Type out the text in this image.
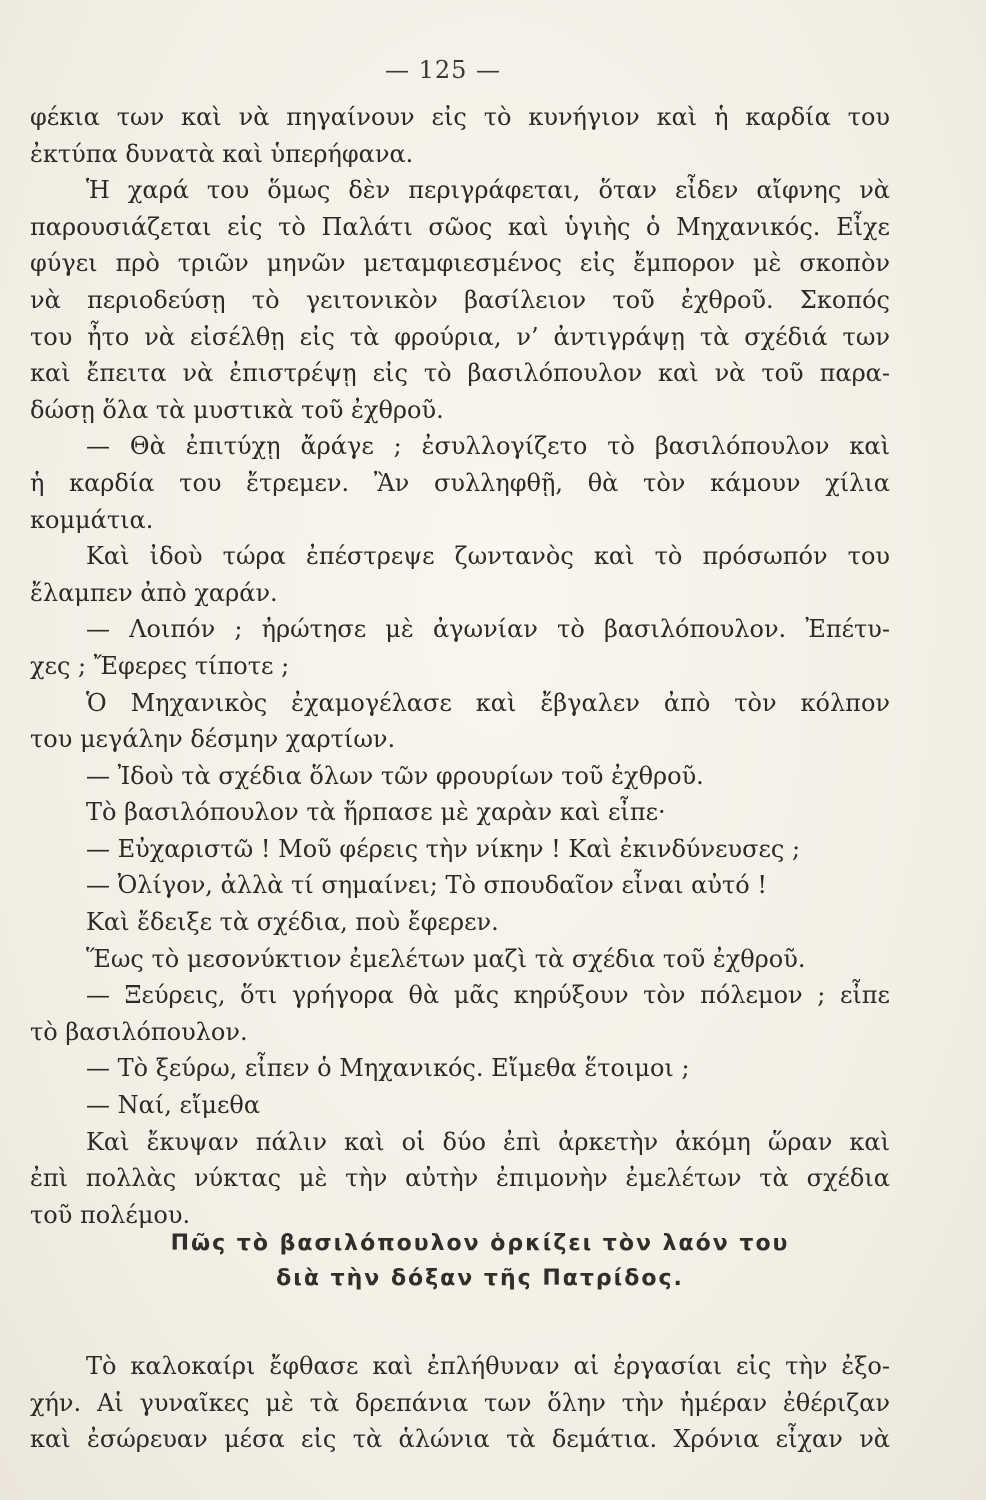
— 125 —
φέκια των καὶ νὰ πηγαίνουν εἰς τὸ κυνήγιον καὶ ἡ καρδία του
ἐκτύπα δυνατὰ καὶ ὑπερήφανα.
Ἡ χαρά του ὅμως δὲν περιγράφεται, ὅταν εἶδεν αἴφνης νὰ
παρουσιάζεται εἰς τὸ Παλάτι σῶος καὶ ὑγιὴς ὁ Μηχανικός. Εἶχε
φύγει πρὸ τριῶν μηνῶν μεταμφιεσμένος εἰς ἔμπορον μὲ σκοπὸν
νὰ περιοδεύσῃ τὸ γειτονικὸν βασίλειον τοῦ ἐχθροῦ. Σκοπός
του ἦτο νὰ εἰσέλθῃ εἰς τὰ φρούρια, ν’ ἀντιγράψῃ τὰ σχέδιά των
καὶ ἔπειτα νὰ ἐπιστρέψῃ εἰς τὸ βασιλόπουλον καὶ νὰ τοῦ παρα-
δώσῃ ὅλα τὰ μυστικὰ τοῦ ἐχθροῦ.
— Θὰ ἐπιτύχῃ ἄράγε ; ἐσυλλογίζετο τὸ βασιλόπουλον καὶ
ἡ καρδία του ἔτρεμεν. Ἂν συλληφθῇ, θὰ τὸν κάμουν χίλια
κομμάτια.
Καὶ ἰδοὺ τώρα ἐπέστρεψε ζωντανὸς καὶ τὸ πρόσωπόν του
ἔλαμπεν ἀπὸ χαράν.
— Λοιπόν ; ἠρώτησε μὲ ἀγωνίαν τὸ βασιλόπουλον. Ἐπέτυ-
χες ; Ἔφερες τίποτε ;
Ὁ Μηχανικὸς ἐχαμογέλασε καὶ ἔβγαλεν ἀπὸ τὸν κόλπον
του μεγάλην δέσμην χαρτίων.
— Ἰδοὺ τὰ σχέδια ὅλων τῶν φρουρίων τοῦ ἐχθροῦ.
Τὸ βασιλόπουλον τὰ ἥρπασε μὲ χαρὰν καὶ εἶπε·
— Εὐχαριστῶ ! Μοῦ φέρεις τὴν νίκην ! Καὶ ἐκινδύνευσες ;
— Ὀλίγον, ἀλλὰ τί σημαίνει; Τὸ σπουδαῖον εἶναι αὐτό !
Καὶ ἔδειξε τὰ σχέδια, ποὺ ἔφερεν.
Ἕως τὸ μεσονύκτιον ἐμελέτων μαζὶ τὰ σχέδια τοῦ ἐχθροῦ.
— Ξεύρεις, ὅτι γρήγορα θὰ μᾶς κηρύξουν τὸν πόλεμον ; εἶπε
τὸ βασιλόπουλον.
— Τὸ ξεύρω, εἶπεν ὁ Μηχανικός. Εἴμεθα ἕτοιμοι ;
— Ναί, εἴμεθα
Καὶ ἔκυψαν πάλιν καὶ οἱ δύο ἐπὶ ἀρκετὴν ἀκόμη ὥραν καὶ
ἐπὶ πολλὰς νύκτας μὲ τὴν αὐτὴν ἐπιμονὴν ἐμελέτων τὰ σχέδια
τοῦ πολέμου.
Πῶς τὸ βασιλόπουλον ὁρκίζει τὸν λαόν του
διὰ τὴν δόξαν τῆς Πατρίδος.
Τὸ καλοκαίρι ἔφθασε καὶ ἐπλήθυναν αἱ ἐργασίαι εἰς τὴν ἐξο-
χήν. Αἱ γυναῖκες μὲ τὰ δρεπάνια των ὅλην τὴν ἡμέραν ἐθέριζαν
καὶ ἐσώρευαν μέσα εἰς τὰ ἁλώνια τὰ δεμάτια. Χρόνια εἶχαν νὰ
